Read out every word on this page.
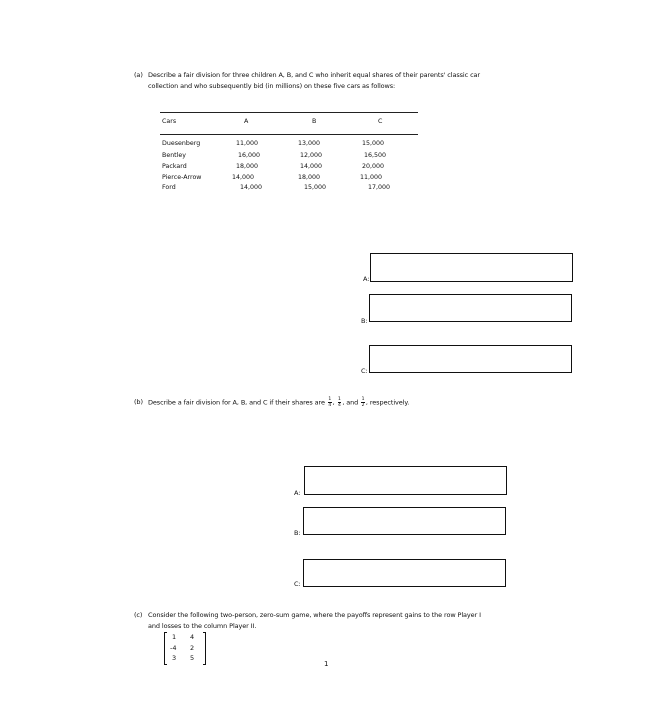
(a) Describe a fair division for three children A, B, and C who inherit equal shares of their parents' classic car
collection and who subsequently bid (in millions) on these five cars as follows:
Cars	A	B	C
Duesenberg	11,000	13,000	15,000
Bentley	16,000	12,000	16,500
Packard	18,000	14,000	20,000
Pierce-Arrow	14,000	18,000	11,000
Ford	14,000	15,000	17,000
A:
B:
C:
(b) Describe a fair division for A, B, and C if their shares are $\frac{1}{4}$ , $\frac{1}{4}$ , and $\frac{1}{2}$ , respectively.
A:
B:
C:
(c) Consider the following two-person, zero-sum game, where the payoffs represent gains to the row Player I
and losses to the column Player II.
1 4
-4 2
3 5
1
